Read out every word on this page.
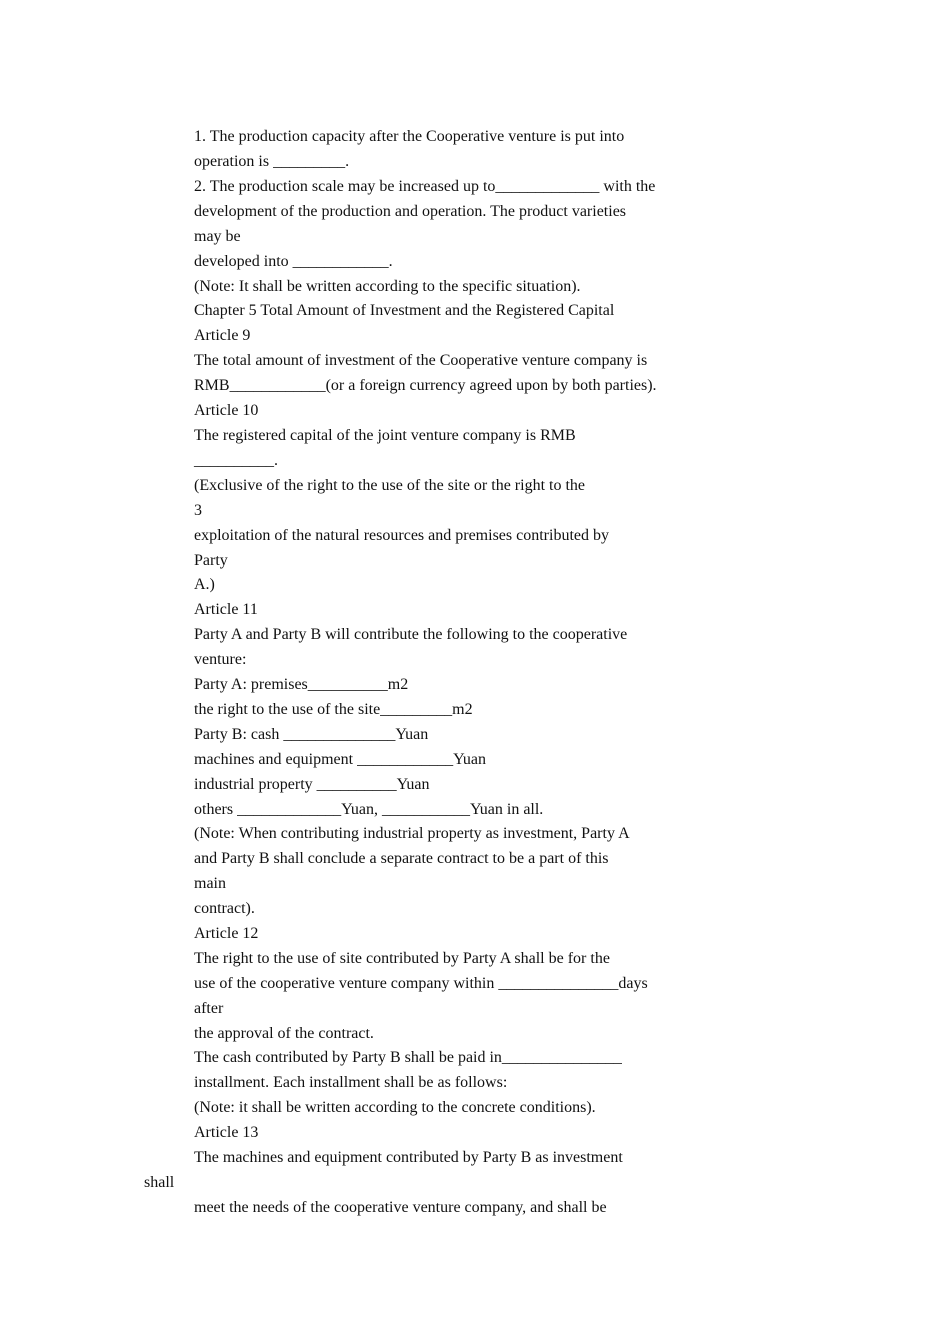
1. The production capacity after the Cooperative venture is put into
operation is _________.
2. The production scale may be increased up to_____________ with the
development of the production and operation. The product varieties
may be
developed into ____________.
(Note: It shall be written according to the specific situation).
Chapter 5 Total Amount of Investment and the Registered Capital
Article 9
The total amount of investment of the Cooperative venture company is
RMB____________(or a foreign currency agreed upon by both parties).
Article 10
The registered capital of the joint venture company is RMB
__________.
(Exclusive of the right to the use of the site or the right to the
3
exploitation of the natural resources and premises contributed by
Party
A.)
Article 11
Party A and Party B will contribute the following to the cooperative
venture:
Party A: premises__________m2
the right to the use of the site_________m2
Party B: cash ______________Yuan
machines and equipment ____________Yuan
industrial property __________Yuan
others _____________Yuan, ___________Yuan in all.
(Note: When contributing industrial property as investment, Party A
and Party B shall conclude a separate contract to be a part of this
main
contract).
Article 12
The right to the use of site contributed by Party A shall be for the
use of the cooperative venture company within _______________days
after
the approval of the contract.
The cash contributed by Party B shall be paid in_______________
installment. Each installment shall be as follows:
(Note: it shall be written according to the concrete conditions).
Article 13
The machines and equipment contributed by Party B as investment
shall
meet the needs of the cooperative venture company, and shall be
